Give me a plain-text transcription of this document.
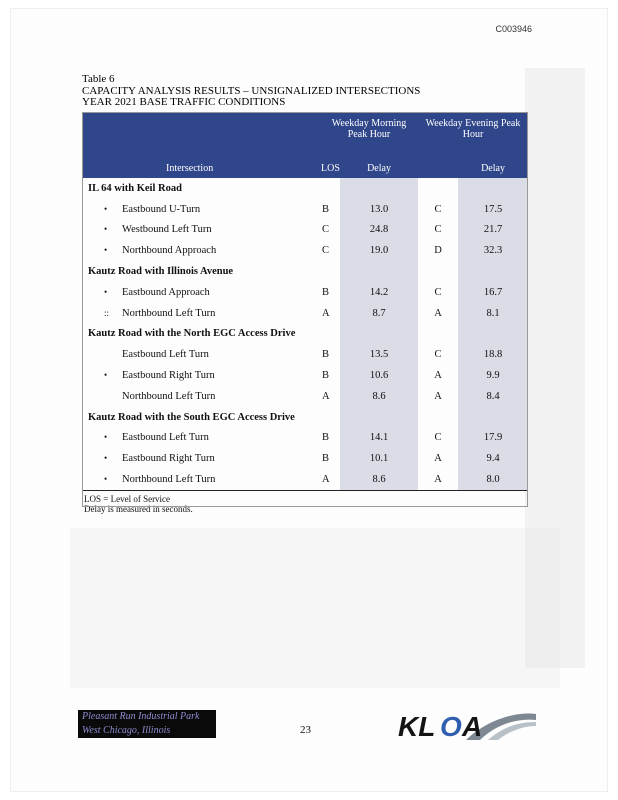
C003946
Table 6
CAPACITY ANALYSIS RESULTS – UNSIGNALIZED INTERSECTIONS
YEAR 2021 BASE TRAFFIC CONDITIONS
	Weekday Morning Peak Hour		Weekday Evening Peak Hour	
Intersection	LOS	Delay		Delay
IL 64 with Keil Road				
• Eastbound U-Turn	B	13.0	C	17.5
• Westbound Left Turn	C	24.8	C	21.7
• Northbound Approach	C	19.0	D	32.3
Kautz Road with Illinois Avenue				
• Eastbound Approach	B	14.2	C	16.7
:: Northbound Left Turn	A	8.7	A	8.1
Kautz Road with the North EGC Access Drive				
Eastbound Left Turn	B	13.5	C	18.8
• Eastbound Right Turn	B	10.6	A	9.9
Northbound Left Turn	A	8.6	A	8.4
Kautz Road with the South EGC Access Drive				
• Eastbound Left Turn	B	14.1	C	17.9
• Eastbound Right Turn	B	10.1	A	9.4
• Northbound Left Turn	A	8.6	A	8.0

LOS = Level of Service
Delay is measured in seconds.				
Pleasant Run Industrial Park
West Chicago, Illinois	23	KL O A
